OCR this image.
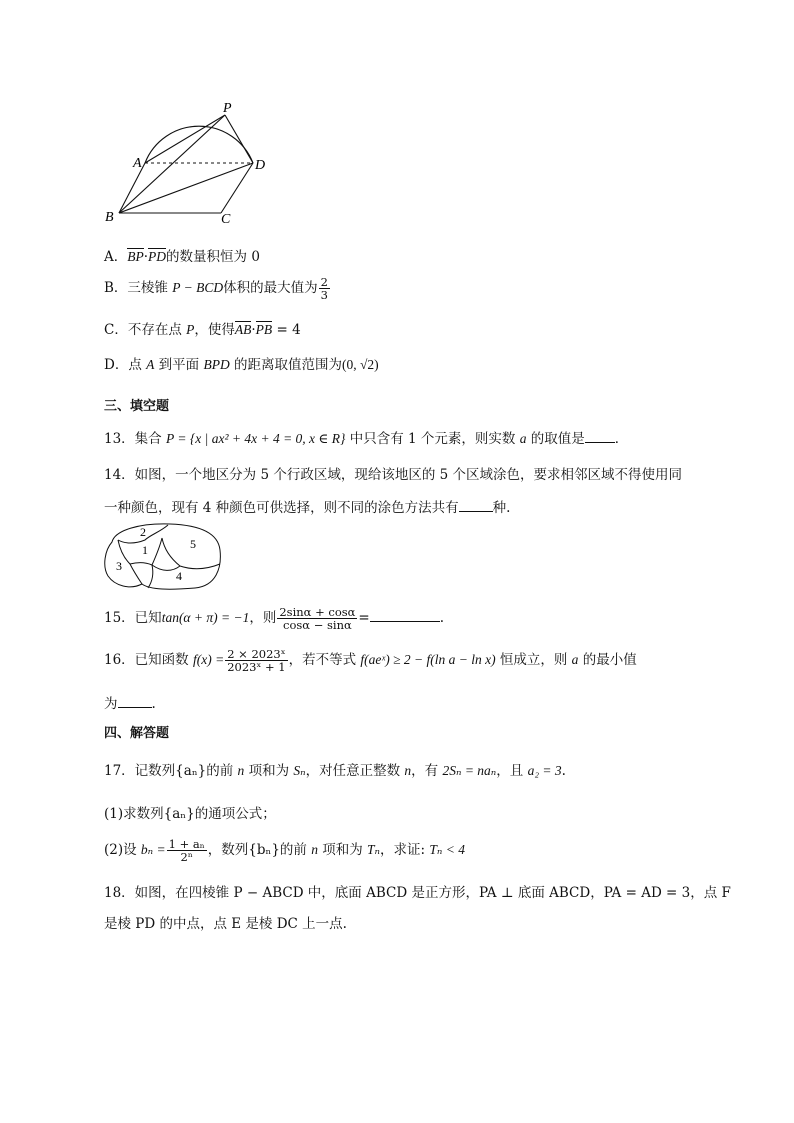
P
A	D
B	C
A．BP·PD的数量积恒为 0
B．三棱锥 P − BCD体积的最大值为 $\frac{2}{3}$
C．不存在点 P，使得AB·PB = 4
D．点 A 到平面 BPD 的距离取值范围为(0, √2)
三、填空题
13．集合 P = {x | ax² + 4x + 4 = 0, x ∈ R} 中只含有 1 个元素，则实数 a 的取值是 ．
14．如图，一个地区分为 5 个行政区域，现给该地区的 5 个区域涂色，要求相邻区域不得使用同
一种颜色，现有 4 种颜色可供选择，则不同的涂色方法共有	种.
2
1	5
3
4
15．已知tan(α + π) = −1，则 $\frac{2\sin\alpha + \cos\alpha}{\cos\alpha - \sin\alpha}$ =	.
16．已知函数 $f(x) = \frac{\text{2 × 2023ˣ}}{\text{2023ˣ + 1}}$ ，若不等式 f(aeˣ) ≥ 2 − f(ln a − ln x) 恒成立，则 a 的最小值
为	.
四、解答题
17．记数列{aₙ}的前 n 项和为 Sₙ，对任意正整数 n，有 2Sₙ = naₙ，且 a₂ = 3.
(1)求数列{aₙ}的通项公式；
(2)设 $b_n = \frac{\text{1 + aₙ}}{\text{2ⁿ}}$ ，数列{bₙ}的前 n 项和为 Tₙ，求证: Tₙ < 4
18．如图，在四棱锥 P − ABCD 中，底面 ABCD 是正方形，PA ⊥ 底面 ABCD，PA = AD = 3，点 F
是棱 PD 的中点，点 E 是棱 DC 上一点.
